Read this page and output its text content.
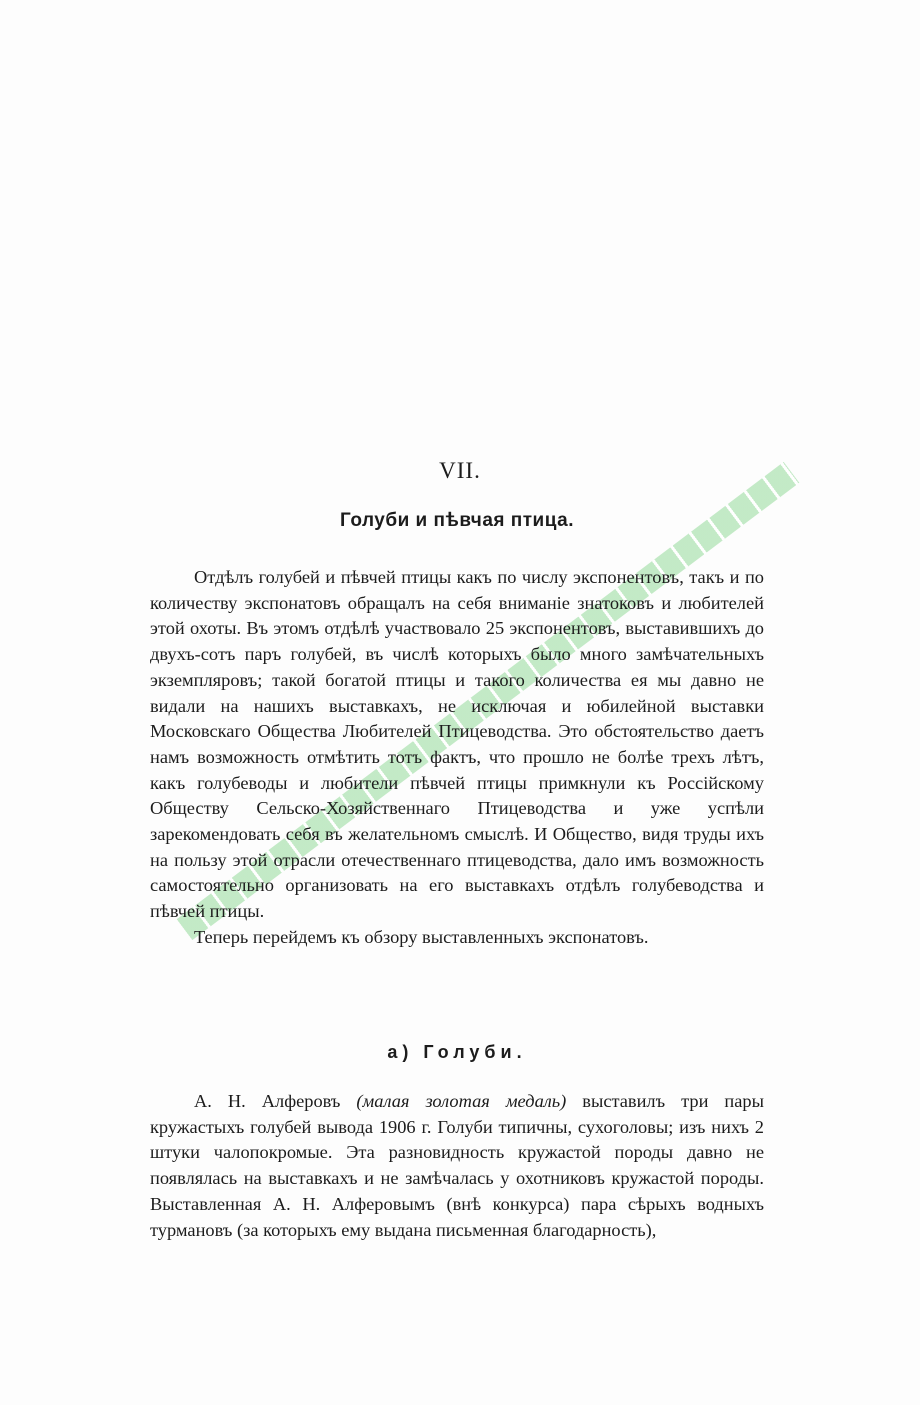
VII.
Голуби и пѣвчая птица.

Отдѣлъ голубей и пѣвчей птицы какъ по числу экспонентовъ, такъ и по количеству экспонатовъ обращалъ на себя вниманіе знатоковъ и любителей этой охоты. Въ этомъ отдѣлѣ участвовало 25 экспонентовъ, выставившихъ до двухъ-сотъ паръ голубей, въ числѣ которыхъ было много замѣчательныхъ экземпляровъ; такой богатой птицы и такого количества ея мы давно не видали на нашихъ выставкахъ, не исключая и юбилейной выставки Московскаго Общества Любителей Птицеводства. Это обстоятельство даетъ намъ возможность отмѣтить тотъ фактъ, что прошло не болѣе трехъ лѣтъ, какъ голубеводы и любители пѣвчей птицы примкнули къ Россійскому Обществу Сельско-Хозяйственнаго Птицеводства и уже успѣли зарекомендовать себя въ желательномъ смыслѣ. И Общество, видя труды ихъ на пользу этой отрасли отечественнаго птицеводства, дало имъ возможность самостоятельно организовать на его выставкахъ отдѣлъ голубеводства и пѣвчей птицы.

Теперь перейдемъ къ обзору выставленныхъ экспонатовъ.

а) Голуби.

А. Н. Алферовъ (малая золотая медаль) выставилъ три пары кружастыхъ голубей вывода 1906 г. Голуби типичны, сухоголовы; изъ нихъ 2 штуки чалопокромые. Эта разновидность кружастой породы давно не появлялась на выставкахъ и не замѣчалась у охотниковъ кружастой породы. Выставленная А. Н. Алферовымъ (внѣ конкурса) пара сѣрыхъ водныхъ турмановъ (за которыхъ ему выдана письменная благодарность),
